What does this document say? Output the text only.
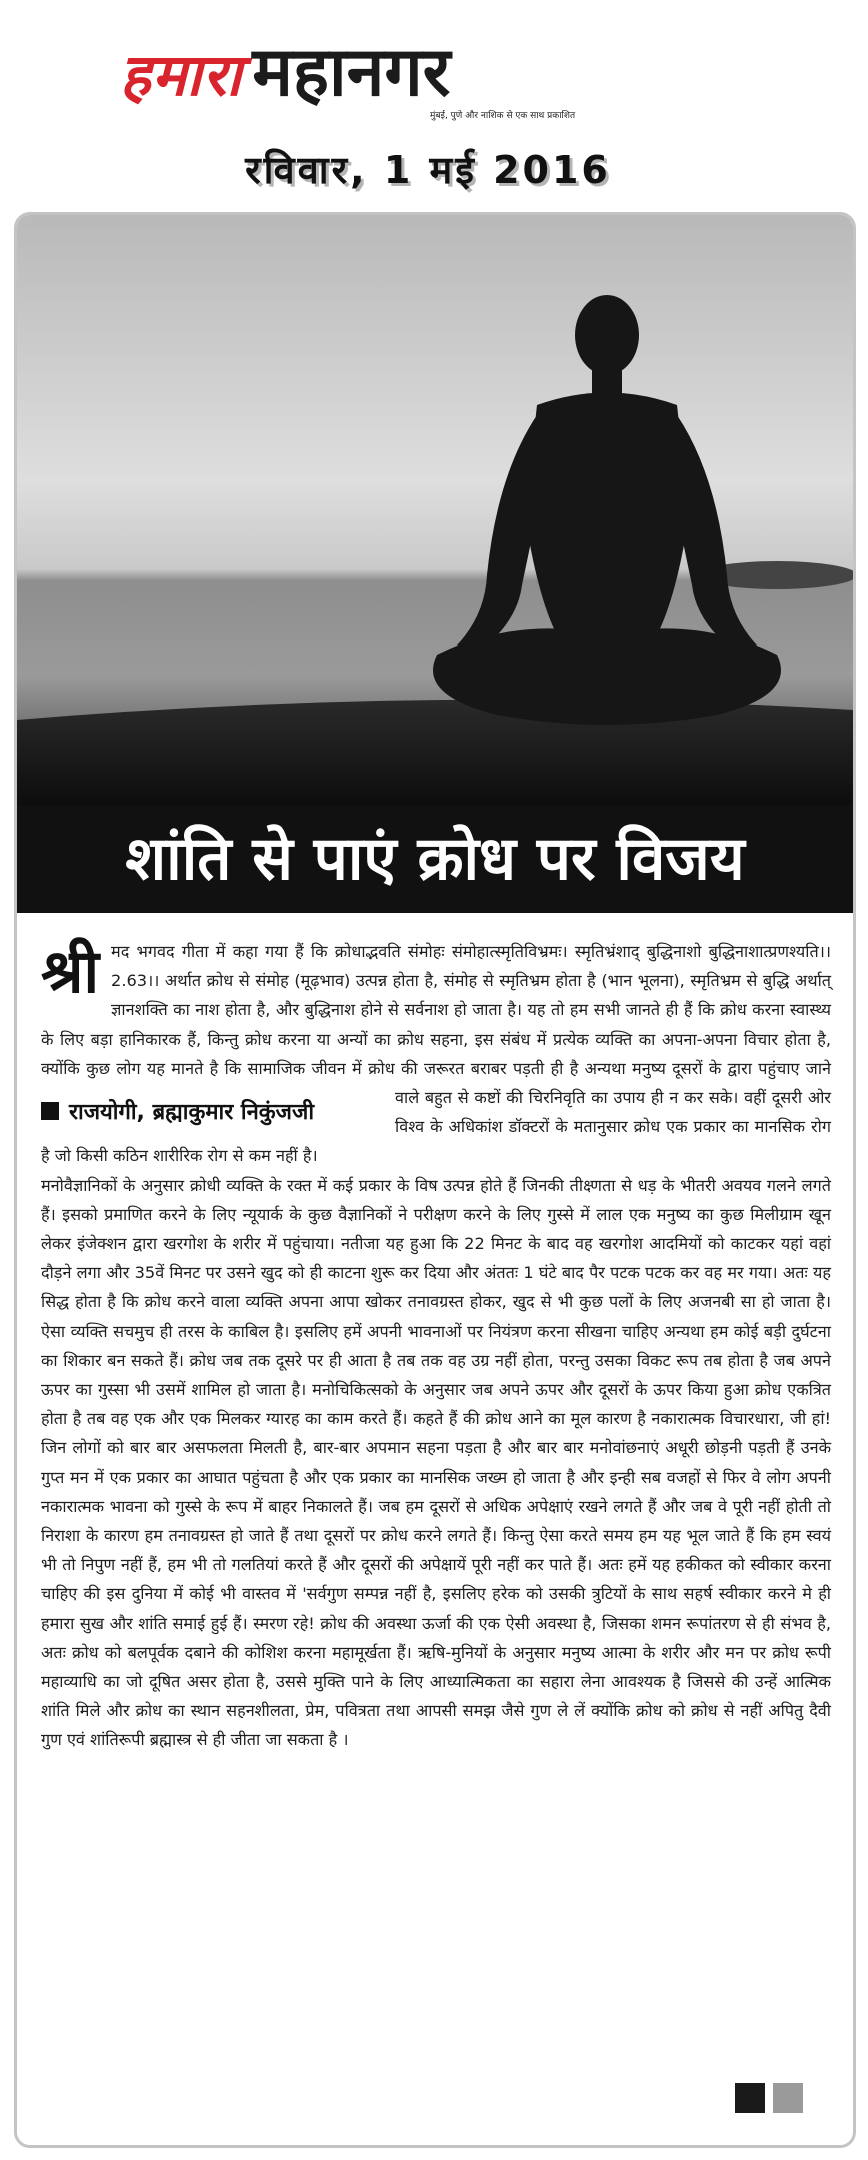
हमारा महानगर
मुंबई, पुणे और नाशिक से एक साथ प्रकाशित
रविवार, 1 मई 2016
शांति से पाएं क्रोध पर विजय

श्री मद भगवद गीता में कहा गया हैं कि क्रोधाद्भवति संमोहः संमोहात्स्मृतिविभ्रमः। स्मृतिभ्रंशाद् बुद्धिनाशो बुद्धिनाशात्प्रणश्यति।। 2.63।। अर्थात क्रोध से संमोह (मूढ़भाव) उत्पन्न होता है, संमोह से स्मृतिभ्रम होता है (भान भूलना), स्मृतिभ्रम से बुद्धि अर्थात् ज्ञानशक्ति का नाश होता है, और बुद्धिनाश होने से सर्वनाश हो जाता है। यह तो हम सभी जानते ही हैं कि क्रोध करना स्वास्थ्य के लिए बड़ा हानिकारक हैं, किन्तु क्रोध करना या अन्यों का क्रोध सहना, इस संबंध में प्रत्येक व्यक्ति का अपना-अपना विचार होता है, क्योंकि कुछ लोग यह मानते है कि सामाजिक जीवन में क्रोध की जरूरत बराबर पड़ती ही है अन्यथा मनुष्य दूसरों के द्वारा पहुंचाए जाने वाले बहुत से कष्टों की चिरनिवृति का उपाय ही न कर सके। वहीं दूसरी ओर
राजयोगी, ब्रह्माकुमार निकुंजजी
विश्व के अधिकांश डॉक्टरों के मतानुसार क्रोध एक प्रकार का मानसिक रोग है जो किसी कठिन शारीरिक रोग से कम नहीं है।

मनोवैज्ञानिकों के अनुसार क्रोधी व्यक्ति के रक्त में कई प्रकार के विष उत्पन्न होते हैं जिनकी तीक्ष्णता से धड़ के भीतरी अवयव गलने लगते हैं। इसको प्रमाणित करने के लिए न्यूयार्क के कुछ वैज्ञानिकों ने परीक्षण करने के लिए गुस्से में लाल एक मनुष्य का कुछ मिलीग्राम खून लेकर इंजेक्शन द्वारा खरगोश के शरीर में पहुंचाया। नतीजा यह हुआ कि 22 मिनट के बाद वह खरगोश आदमियों को काटकर यहां वहां दौड़ने लगा और 35वें मिनट पर उसने खुद को ही काटना शुरू कर दिया और अंततः 1 घंटे बाद पैर पटक पटक कर वह मर गया। अतः यह सिद्ध होता है कि क्रोध करने वाला व्यक्ति अपना आपा खोकर तनावग्रस्त होकर, खुद से भी कुछ पलों के लिए अजनबी सा हो जाता है। ऐसा व्यक्ति सचमुच ही तरस के काबिल है। इसलिए हमें अपनी भावनाओं पर नियंत्रण करना सीखना चाहिए अन्यथा हम कोई बड़ी दुर्घटना का शिकार बन सकते हैं। क्रोध जब तक दूसरे पर ही आता है तब तक वह उग्र नहीं होता, परन्तु उसका विकट रूप तब होता है जब अपने ऊपर का गुस्सा भी उसमें शामिल हो जाता है। मनोचिकित्सको के अनुसार जब अपने ऊपर और दूसरों के ऊपर किया हुआ क्रोध एकत्रित होता है तब वह एक और एक मिलकर ग्यारह का काम करते हैं। कहते हैं की क्रोध आने का मूल कारण है नकारात्मक विचारधारा, जी हां! जिन लोगों को बार बार असफलता मिलती है, बार-बार अपमान सहना पड़ता है और बार बार मनोवांछनाएं अधूरी छोड़नी पड़ती हैं उनके गुप्त मन में एक प्रकार का आघात पहुंचता है और एक प्रकार का मानसिक जख्म हो जाता है और इन्ही सब वजहों से फिर वे लोग अपनी नकारात्मक भावना को गुस्से के रूप में बाहर निकालते हैं। जब हम दूसरों से अधिक अपेक्षाएं रखने लगते हैं और जब वे पूरी नहीं होती तो निराशा के कारण हम तनावग्रस्त हो जाते हैं तथा दूसरों पर क्रोध करने लगते हैं। किन्तु ऐसा करते समय हम यह भूल जाते हैं कि हम स्वयं भी तो निपुण नहीं हैं, हम भी तो गलतियां करते हैं और दूसरों की अपेक्षायें पूरी नहीं कर पाते हैं। अतः हमें यह हकीकत को स्वीकार करना चाहिए की इस दुनिया में कोई भी वास्तव में 'सर्वगुण सम्पन्न नहीं है, इसलिए हरेक को उसकी त्रुटियों के साथ सहर्ष स्वीकार करने मे ही हमारा सुख और शांति समाई हुई हैं। स्मरण रहे! क्रोध की अवस्था ऊर्जा की एक ऐसी अवस्था है, जिसका शमन रूपांतरण से ही संभव है, अतः क्रोध को बलपूर्वक दबाने की कोशिश करना महामूर्खता हैं। ऋषि-मुनियों के अनुसार मनुष्य आत्मा के शरीर और मन पर क्रोध रूपी महाव्याधि का जो दूषित असर होता है, उससे मुक्ति पाने के लिए आध्यात्मिकता का सहारा लेना आवश्यक है जिससे की उन्हें आत्मिक शांति मिले और क्रोध का स्थान सहनशीलता, प्रेम, पवित्रता तथा आपसी समझ जैसे गुण ले लें क्योंकि क्रोध को क्रोध से नहीं अपितु दैवी गुण एवं शांतिरूपी ब्रह्मास्त्र से ही जीता जा सकता है ।
